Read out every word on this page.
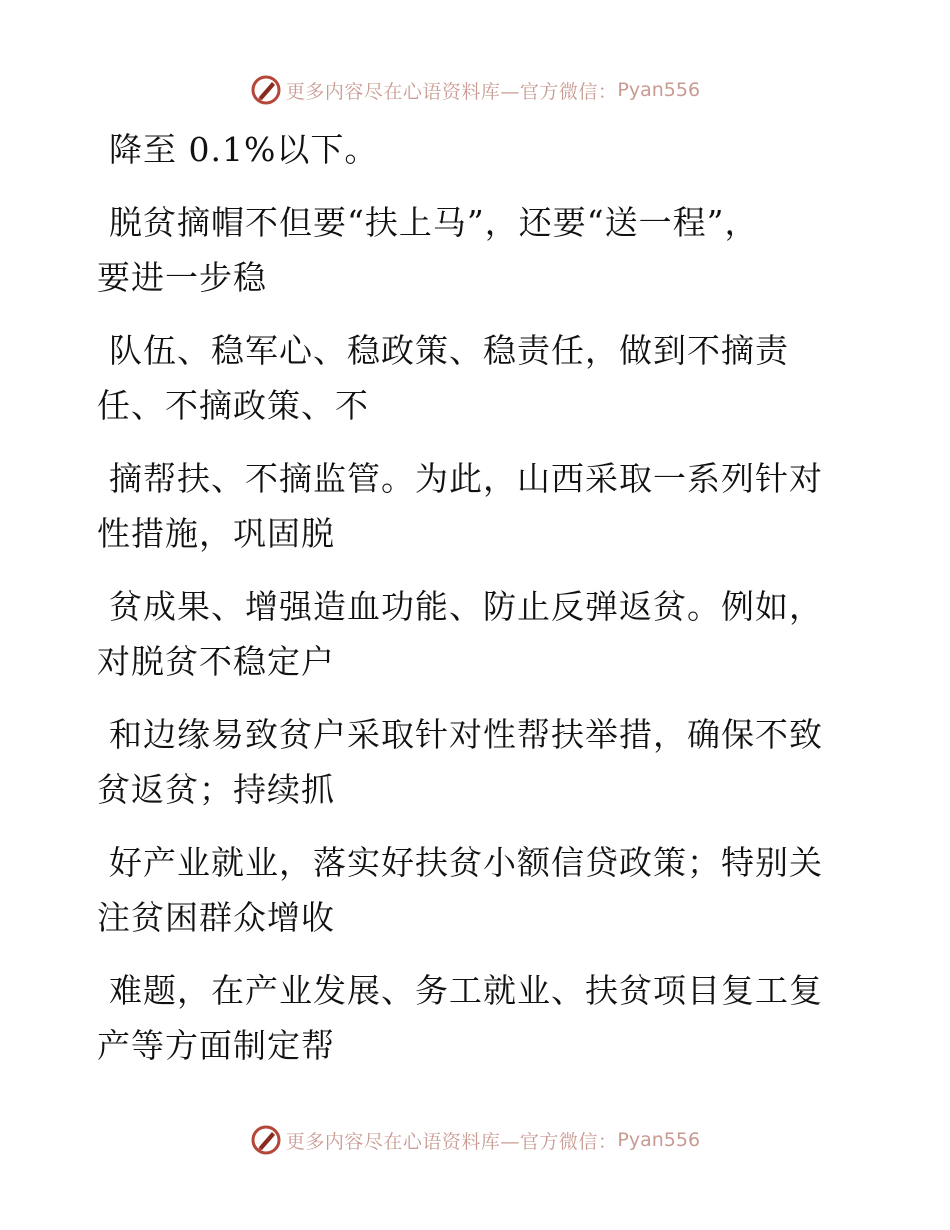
更多内容尽在心语资料库—官方微信： Pyan556
降至 0.1%以下。
脱贫摘帽不但要“扶上马”，还要“送一程”，
要进一步稳
队伍、稳军心、稳政策、稳责任，做到不摘责
任、不摘政策、不
摘帮扶、不摘监管。为此，山西采取一系列针对
性措施，巩固脱
贫成果、增强造血功能、防止反弹返贫。例如，
对脱贫不稳定户
和边缘易致贫户采取针对性帮扶举措，确保不致
贫返贫；持续抓
好产业就业，落实好扶贫小额信贷政策；特别关
注贫困群众增收
难题，在产业发展、务工就业、扶贫项目复工复
产等方面制定帮
更多内容尽在心语资料库—官方微信： Pyan556
